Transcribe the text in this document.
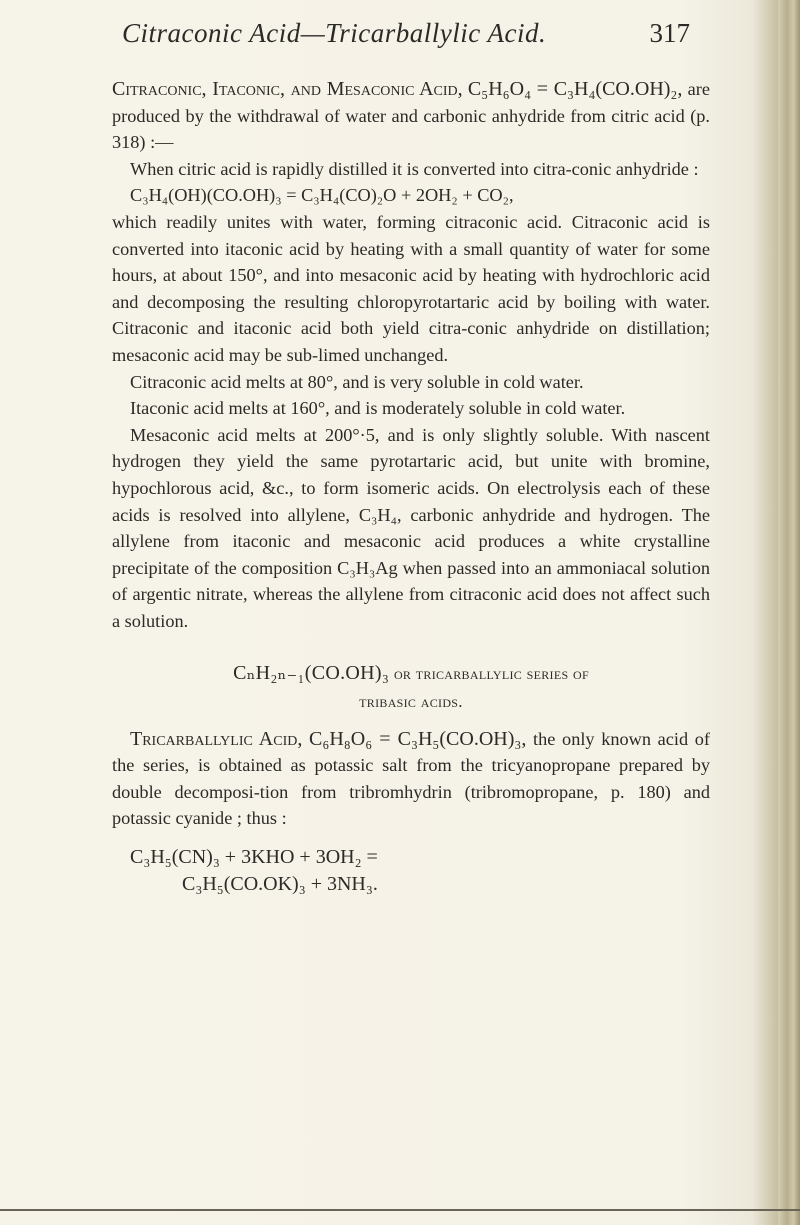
Citraconic Acid—Tricarballylic Acid.	317

Citraconic, Itaconic, and Mesaconic Acid, C₅H₆O₄ = C₃H₄(CO.OH)₂, are produced by the withdrawal of water and carbonic anhydride from citric acid (p. 318) :—

When citric acid is rapidly distilled it is converted into citra-conic anhydride :

C₃H₄(OH)(CO.OH)₃ = C₃H₄(CO)₂O + 2OH₂ + CO₂,

which readily unites with water, forming citraconic acid. Citraconic acid is converted into itaconic acid by heating with a small quantity of water for some hours, at about 150°, and into mesaconic acid by heating with hydrochloric acid and decomposing the resulting chloropyrotartaric acid by boiling with water. Citraconic and itaconic acid both yield citra-conic anhydride on distillation; mesaconic acid may be sub-limed unchanged.

Citraconic acid melts at 80°, and is very soluble in cold water.

Itaconic acid melts at 160°, and is moderately soluble in cold water.

Mesaconic acid melts at 200°·5, and is only slightly soluble. With nascent hydrogen they yield the same pyrotartaric acid, but unite with bromine, hypochlorous acid, &c., to form isomeric acids. On electrolysis each of these acids is resolved into allylene, C₃H₄, carbonic anhydride and hydrogen. The allylene from itaconic and mesaconic acid produces a white crystalline precipitate of the composition C₃H₃Ag when passed into an ammoniacal solution of argentic nitrate, whereas the allylene from citraconic acid does not affect such a solution.

CₙH₂ₙ₋₁(CO.OH)₃ or tricarballylic series of
tribasic acids.

Tricarballylic Acid, C₆H₈O₆ = C₃H₅(CO.OH)₃, the only known acid of the series, is obtained as potassic salt from the tricyanopropane prepared by double decomposi-tion from tribromhydrin (tribromopropane, p. 180) and potassic cyanide ; thus :

C₃H₅(CN)₃ + 3KHO + 3OH₂ =

C₃H₅(CO.OK)₃ + 3NH₃.
